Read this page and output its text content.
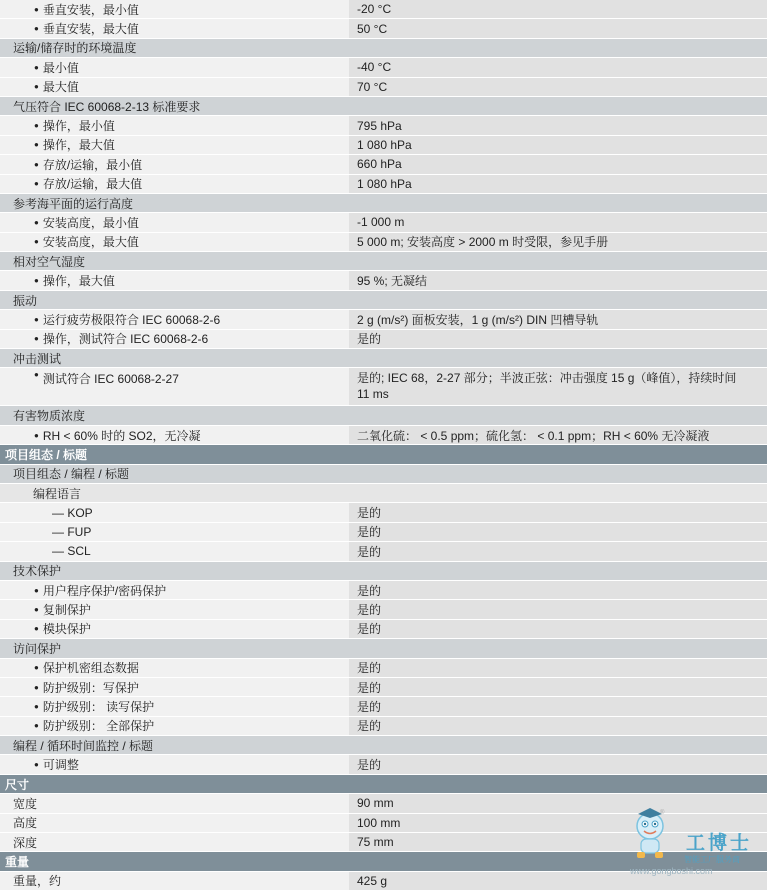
● 垂直安装，最小值	-20 °C
● 垂直安装，最大值	50 °C
运输/储存时的环境温度
● 最小值	-40 °C
● 最大值	70 °C
气压符合 IEC 60068-2-13 标准要求
● 操作，最小值	795 hPa
● 操作，最大值	1 080 hPa
● 存放/运输，最小值	660 hPa
● 存放/运输，最大值	1 080 hPa
参考海平面的运行高度
● 安装高度，最小值	-1 000 m
● 安装高度，最大值	5 000 m; 安装高度 > 2000 m 时受限，参见手册
相对空气湿度
● 操作，最大值	95 %; 无凝结
振动
● 运行疲劳极限符合 IEC 60068-2-6	2 g (m/s²) 面板安装，1 g (m/s²) DIN 凹槽导轨
● 操作，测试符合 IEC 60068-2-6	是的
冲击测试
● 测试符合 IEC 60068-2-27	是的; IEC 68，2-27 部分；半波正弦：冲击强度 15 g（峰值），持续时间 11 ms
有害物质浓度
● RH < 60% 时的 SO2，无冷凝	二氧化硫： < 0.5 ppm；硫化氢： < 0.1 ppm；RH < 60% 无冷凝液
项目组态 / 标题
项目组态 / 编程 / 标题
编程语言
— KOP	是的
— FUP	是的
— SCL	是的
技术保护
● 用户程序保护/密码保护	是的
● 复制保护	是的
● 模块保护	是的
访问保护
● 保护机密组态数据	是的
● 防护级别：写保护	是的
● 防护级别： 读写保护	是的
● 防护级别： 全部保护	是的
编程 / 循环时间监控 / 标题
● 可调整	是的
尺寸
宽度	90 mm
高度	100 mm
深度	75 mm
重量
重量，约	425 g
®
工博士
智能工厂服务商
www.gongboshi.com
